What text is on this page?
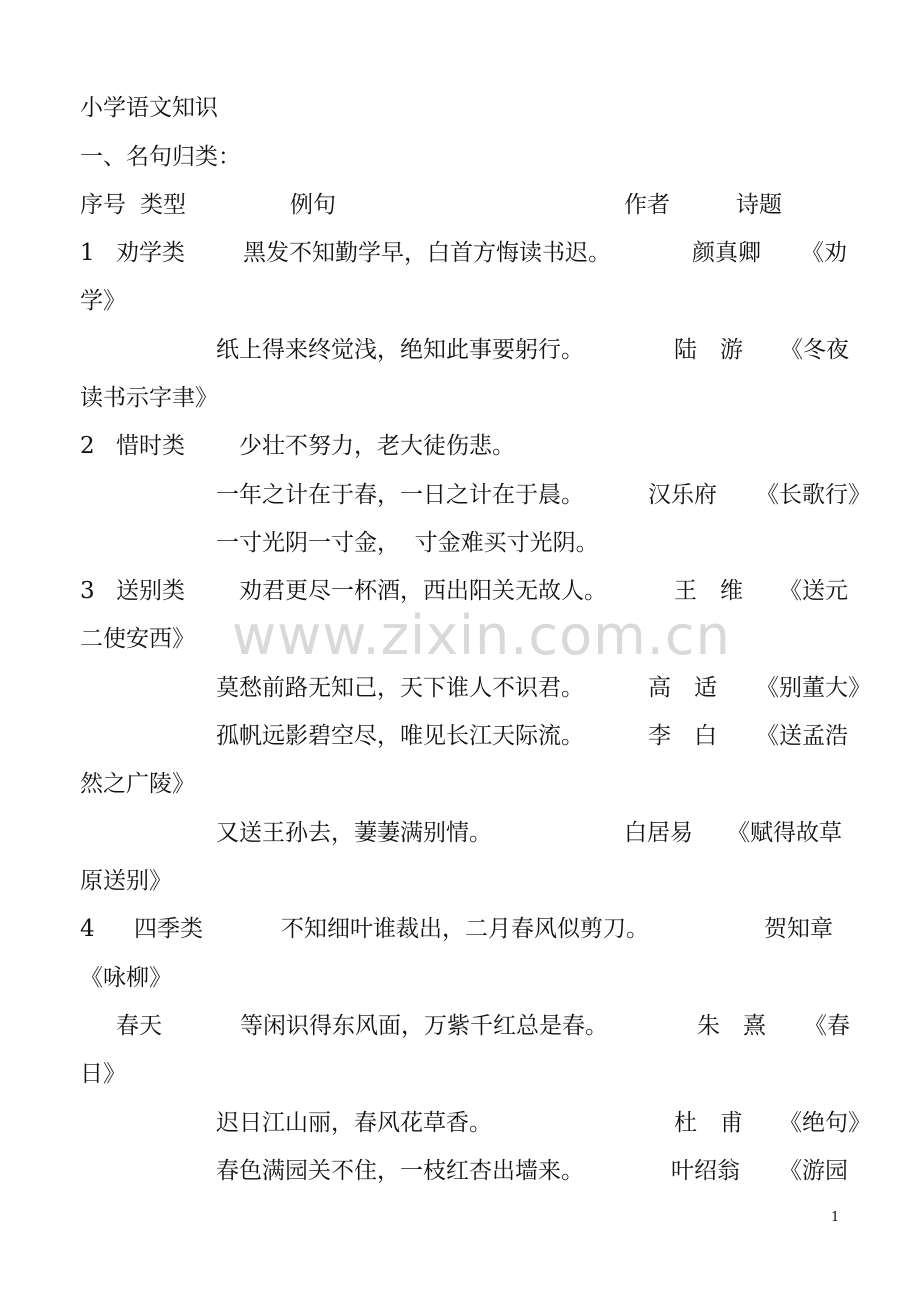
www.zixin.com.cn
小学语文知识
一、名句归类：
序号 类型	例句	作者	诗题
1 劝学类	黑发不知勤学早，白首方悔读书迟。	颜真卿 《劝
学》
纸上得来终觉浅，绝知此事要躬行。	陆　游 《冬夜
读书示字聿》
2 惜时类 少壮不努力，老大徒伤悲。
一年之计在于春，一日之计在于晨。	汉乐府 《长歌行》
一寸光阴一寸金，  寸金难买寸光阴。
3 送别类 劝君更尽一杯酒，西出阳关无故人。	王　维 《送元
二使安西》
莫愁前路无知己，天下谁人不识君。	高　适 《别董大》
孤帆远影碧空尽，唯见长江天际流。	李　白 《送孟浩
然之广陵》
又送王孙去，萋萋满别情。	白居易 《赋得故草
原送别》
4 四季类	不知细叶谁裁出，二月春风似剪刀。	贺知章
《咏柳》
春天	等闲识得东风面，万紫千红总是春。	朱　熹 《春
日》
迟日江山丽，春风花草香。	杜　甫 《绝句》
春色满园关不住，一枝红杏出墙来。	叶绍翁 《游园
1
